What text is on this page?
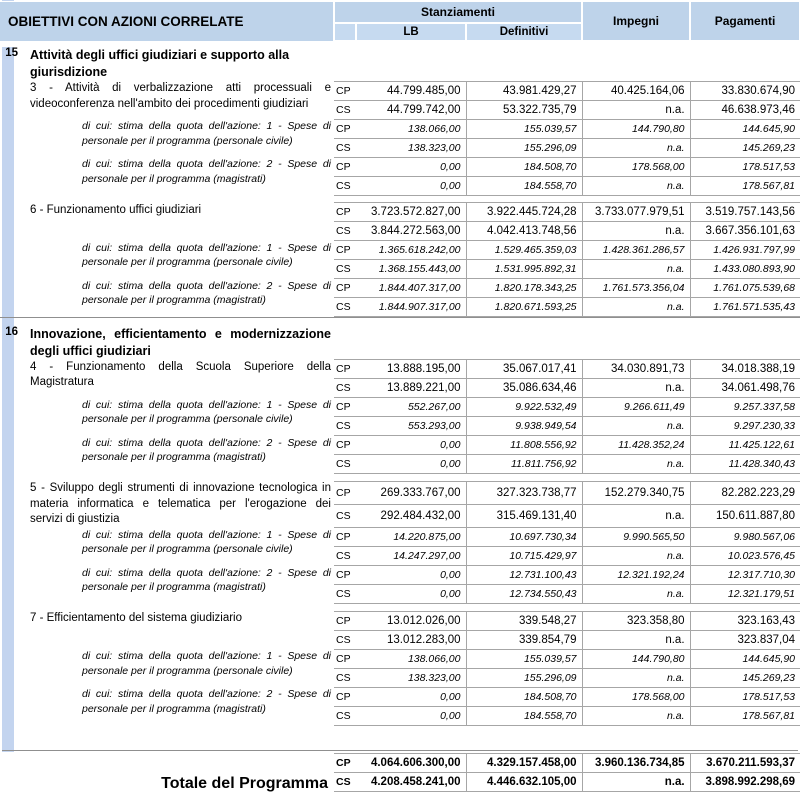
OBIETTIVI CON AZIONI CORRELATE		Stanziamenti			Impegni	Pagamenti
			LB	Definitivi		

15	Attività degli uffici giudiziari e supporto alla giurisdizione					
	3 - Attività di verbalizzazione atti processuali e videoconferenza nell'ambito dei procedimenti giudiziari	CP	44.799.485,00	43.981.429,27	40.425.164,06	33.830.674,90
		CS	44.799.742,00	53.322.735,79	n.a.	46.638.973,46
	di cui: stima della quota dell'azione: 1 - Spese di personale per il programma (personale civile)	CP	138.066,00	155.039,57	144.790,80	144.645,90
		CS	138.323,00	155.296,09	n.a.	145.269,23
	di cui: stima della quota dell'azione: 2 - Spese di personale per il programma (magistrati)	CP	0,00	184.508,70	178.568,00	178.517,53
		CS	0,00	184.558,70	n.a.	178.567,81

	6 - Funzionamento uffici giudiziari	CP	3.723.572.827,00	3.922.445.724,28	3.733.077.979,51	3.519.757.143,56
		CS	3.844.272.563,00	4.042.413.748,56	n.a.	3.667.356.101,63
	di cui: stima della quota dell'azione: 1 - Spese di personale per il programma (personale civile)	CP	1.365.618.242,00	1.529.465.359,03	1.428.361.286,57	1.426.931.797,99
		CS	1.368.155.443,00	1.531.995.892,31	n.a.	1.433.080.893,90
	di cui: stima della quota dell'azione: 2 - Spese di personale per il programma (magistrati)	CP	1.844.407.317,00	1.820.178.343,25	1.761.573.356,04	1.761.075.539,68
		CS	1.844.907.317,00	1.820.671.593,25	n.a.	1.761.571.535,43

16	Innovazione, efficientamento e modernizzazione degli uffici giudiziari					
	4 - Funzionamento della Scuola Superiore della Magistratura	CP	13.888.195,00	35.067.017,41	34.030.891,73	34.018.388,19
		CS	13.889.221,00	35.086.634,46	n.a.	34.061.498,76
	di cui: stima della quota dell'azione: 1 - Spese di personale per il programma (personale civile)	CP	552.267,00	9.922.532,49	9.266.611,49	9.257.337,58
		CS	553.293,00	9.938.949,54	n.a.	9.297.230,33
	di cui: stima della quota dell'azione: 2 - Spese di personale per il programma (magistrati)	CP	0,00	11.808.556,92	11.428.352,24	11.425.122,61
		CS	0,00	11.811.756,92	n.a.	11.428.340,43

	5 - Sviluppo degli strumenti di innovazione tecnologica in materia informatica e telematica per l'erogazione dei servizi di giustizia	CP	269.333.767,00	327.323.738,77	152.279.340,75	82.282.223,29
		CS	292.484.432,00	315.469.131,40	n.a.	150.611.887,80
	di cui: stima della quota dell'azione: 1 - Spese di personale per il programma (personale civile)	CP	14.220.875,00	10.697.730,34	9.990.565,50	9.980.567,06
		CS	14.247.297,00	10.715.429,97	n.a.	10.023.576,45
	di cui: stima della quota dell'azione: 2 - Spese di personale per il programma (magistrati)	CP	0,00	12.731.100,43	12.321.192,24	12.317.710,30
		CS	0,00	12.734.550,43	n.a.	12.321.179,51

	7 - Efficientamento del sistema giudiziario	CP	13.012.026,00	339.548,27	323.358,80	323.163,43
		CS	13.012.283,00	339.854,79	n.a.	323.837,04
	di cui: stima della quota dell'azione: 1 - Spese di personale per il programma (personale civile)	CP	138.066,00	155.039,57	144.790,80	144.645,90
		CS	138.323,00	155.296,09	n.a.	145.269,23
	di cui: stima della quota dell'azione: 2 - Spese di personale per il programma (magistrati)	CP	0,00	184.508,70	178.568,00	178.517,53
		CS	0,00	184.558,70	n.a.	178.567,81

	Totale del Programma	CP	4.064.606.300,00	4.329.157.458,00	3.960.136.734,85	3.670.211.593,37
		CS	4.208.458.241,00	4.446.632.105,00	n.a.	3.898.992.298,69
